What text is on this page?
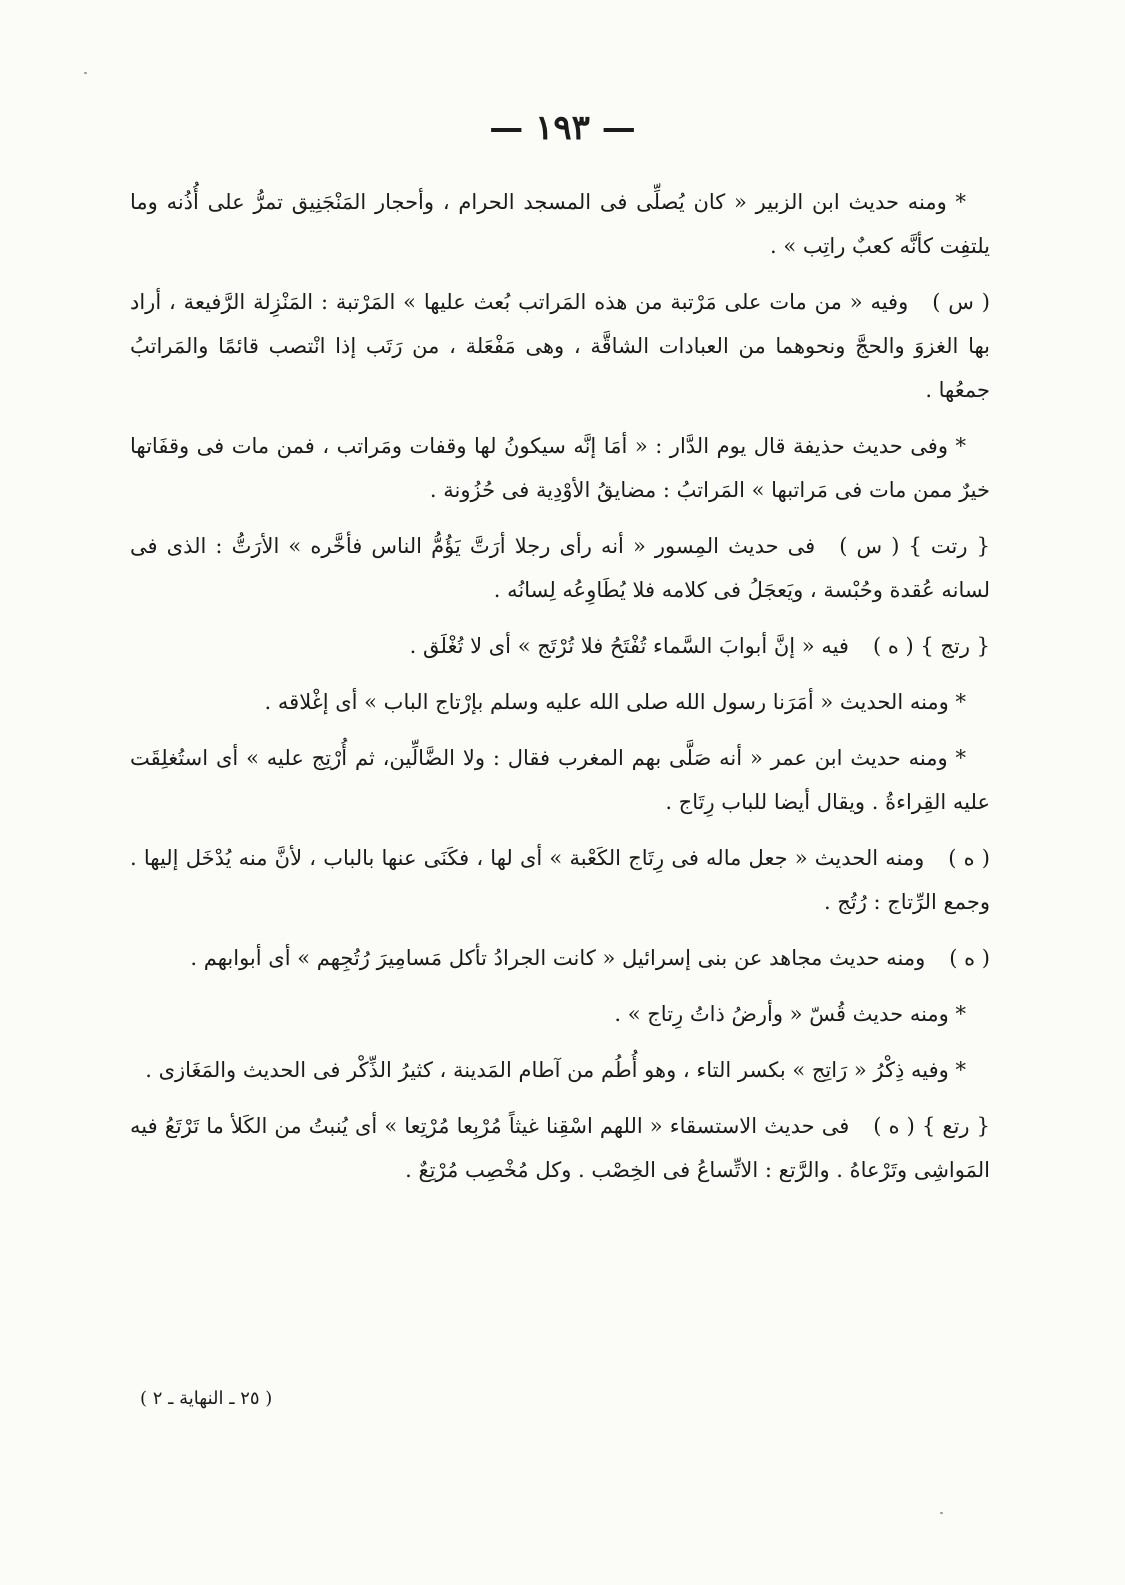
— ١٩٣ —

* ومنه حديث ابن الزبير « كان يُصلِّى فى المسجد الحرام ، وأحجار المَنْجَنِيق تمرُّ على أُذُنه وما يلتفِت كأنَّه كعبٌ راتِب » .

( س )وفيه « من مات على مَرْتبة من هذه المَراتب بُعث عليها » المَرْتبة : المَنْزِلة الرَّفيعة ، أراد بها الغزوَ والحجَّ ونحوهما من العبادات الشاقَّة ، وهى مَفْعَلة ، من رَتَب إذا انْتصب قائمًا والمَراتبُ جمعُها .

* وفى حديث حذيفة قال يوم الدَّار : « أمَا إنَّه سيكونُ لها وقفات ومَراتب ، فمن مات فى وقفَاتها خيرٌ ممن مات فى مَراتبها » المَراتبُ : مضايقُ الأوْدِية فى حُزُونة .

{ رتت } ( س )فى حديث المِسور « أنه رأى رجلا أرَتَّ يَؤُمُّ الناس فأخَّره » الأرَتُّ : الذى فى لسانه عُقدة وحُبْسة ، ويَعجَلُ فى كلامه فلا يُطَاوِعُه لِسانُه .

{ رتج } ( ه )فيه « إنَّ أبوابَ السَّماء تُفْتَحُ فلا تُرْتَج » أى لا تُغْلَق .

* ومنه الحديث « أمَرَنا رسول الله صلى الله عليه وسلم بإرْتاج الباب » أى إغْلاقه .

* ومنه حديث ابن عمر « أنه صَلَّى بهم المغرب فقال : ولا الضَّالِّين، ثم أُرْتِج عليه » أى استُغلِقَت عليه القِراءةُ . ويقال أيضا للباب رِتَاج .

( ه )ومنه الحديث « جعل ماله فى رِتَاج الكَعْبة » أى لها ، فكَنَى عنها بالباب ، لأنَّ منه يُدْخَل إليها . وجمع الرِّتاج : رُتُج .

( ه )ومنه حديث مجاهد عن بنى إسرائيل « كانت الجرادُ تأكل مَسامِيرَ رُتُجِهم » أى أبوابهم .

* ومنه حديث قُسّ « وأرضُ ذاتُ رِتاج » .

* وفيه ذِكْرُ « رَاتِج » بكسر التاء ، وهو أُطُم من آطام المَدينة ، كثيرُ الذِّكْر فى الحديث والمَغَازى .

{ رتع } ( ه )فى حديث الاستسقاء « اللهم اسْقِنا غيثاً مُرْبِعا مُرْتِعا » أى يُنبتُ من الكَلأ ما تَرْتَعُ فيه المَواشِى وتَرْعاهُ . والرَّتع : الاتِّساعُ فى الخِصْب . وكل مُخْصِب مُرْتِعٌ .

( ٢٥ ـ النهاية ـ ٢ )
